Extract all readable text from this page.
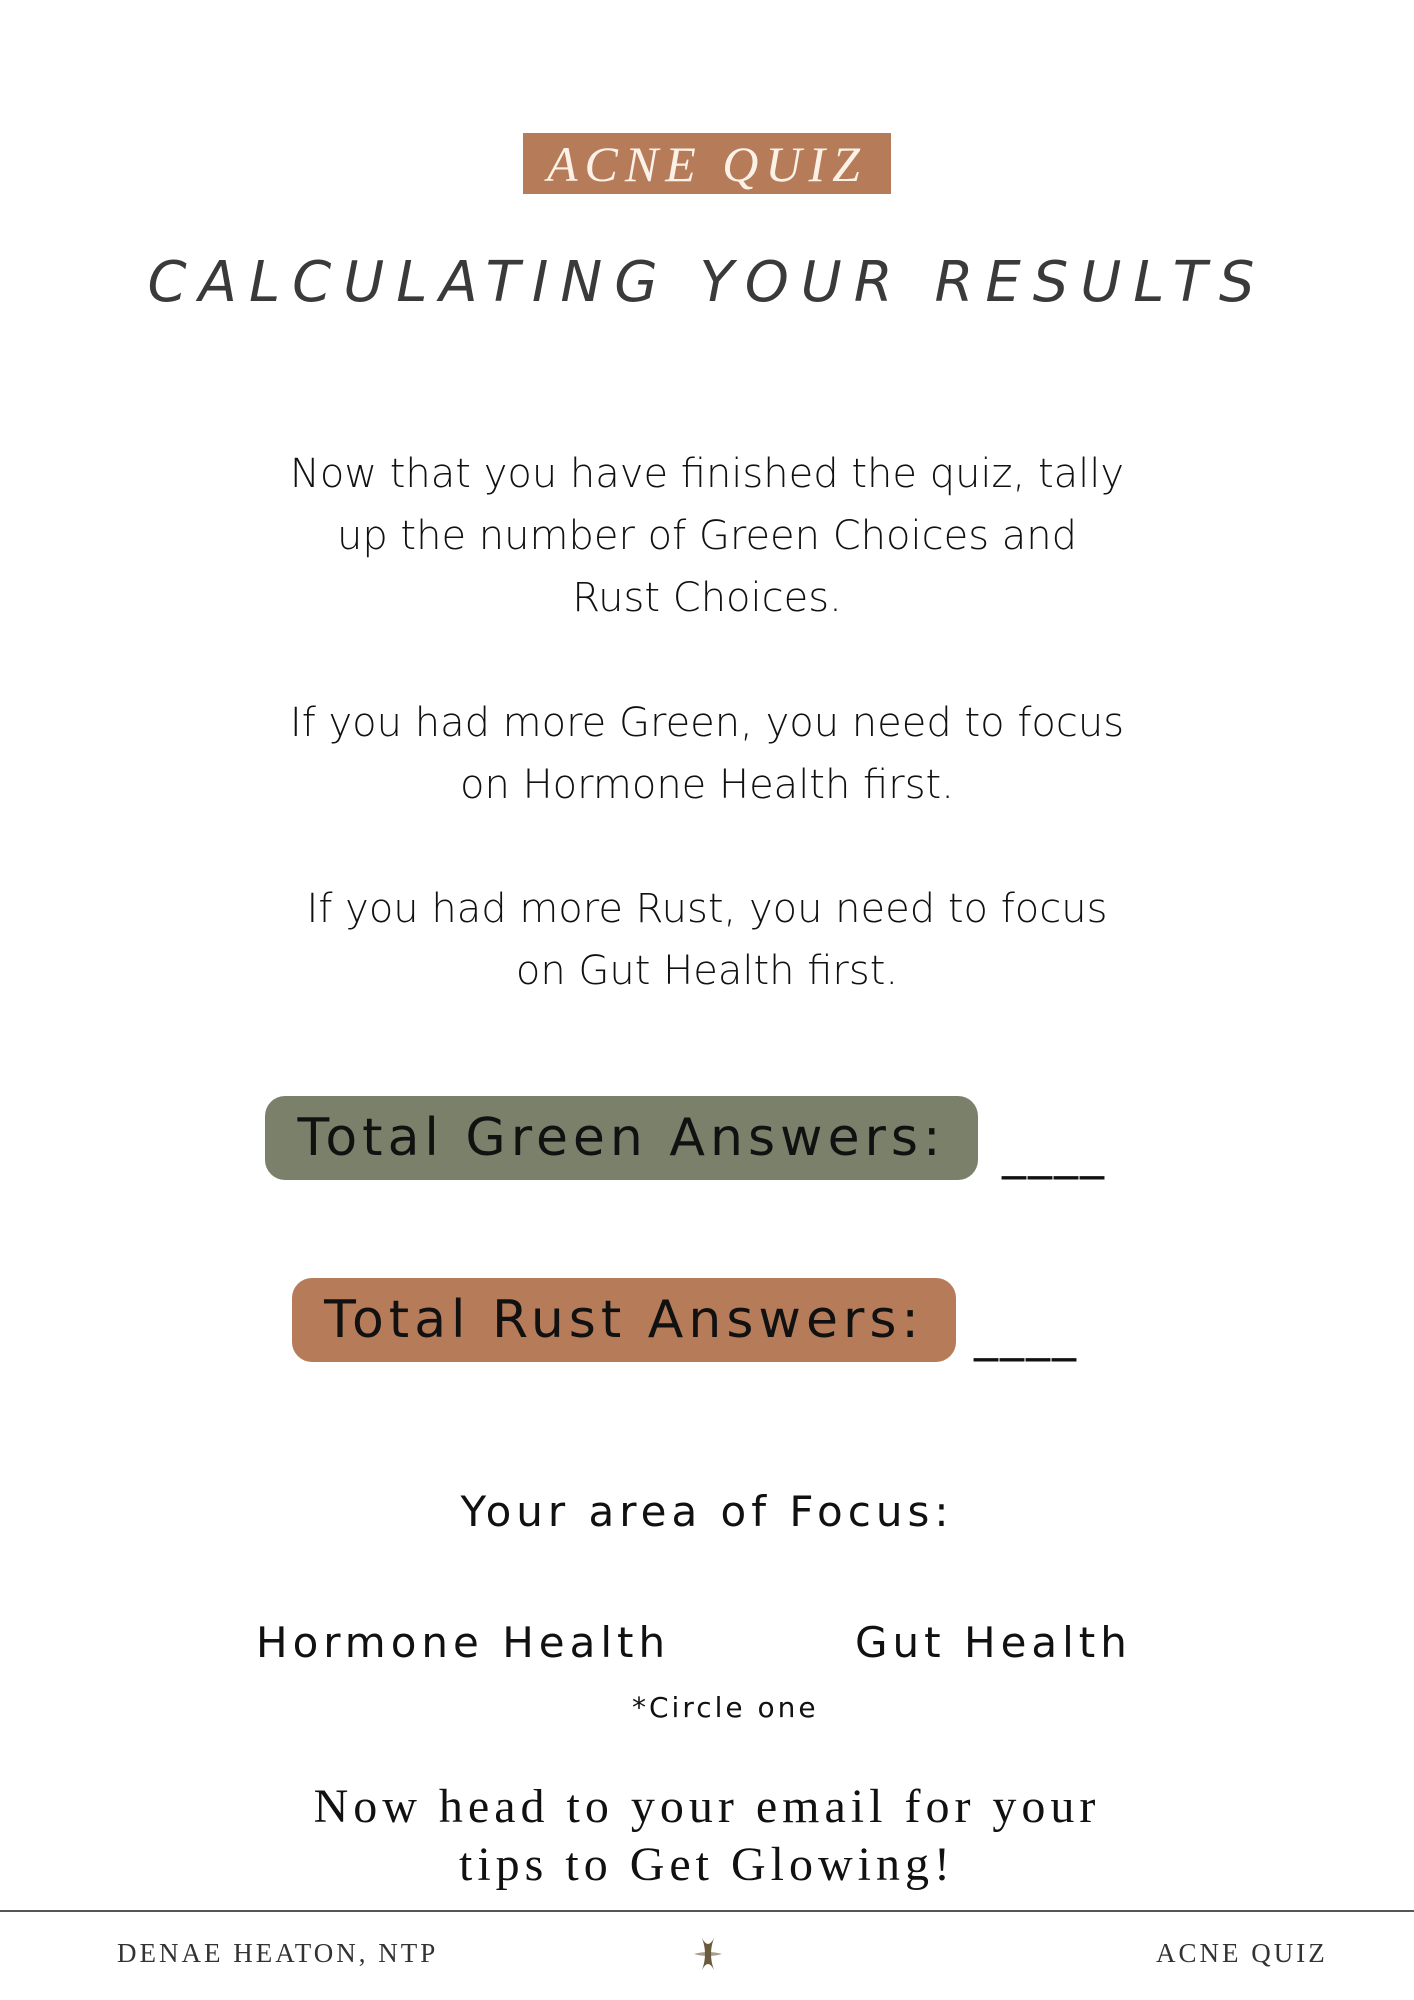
ACNE QUIZ
CALCULATING YOUR RESULTS
Now that you have finished the quiz, tally
up the number of Green Choices and
Rust Choices.
If you had more Green, you need to focus
on Hormone Health first.
If you had more Rust, you need to focus
on Gut Health first.
Total Green Answers:	____
Total Rust Answers:	____
Your area of Focus:
Hormone Health	Gut Health
*Circle one
Now head to your email for your
tips to Get Glowing!
DENAE HEATON, NTP	ACNE QUIZ
